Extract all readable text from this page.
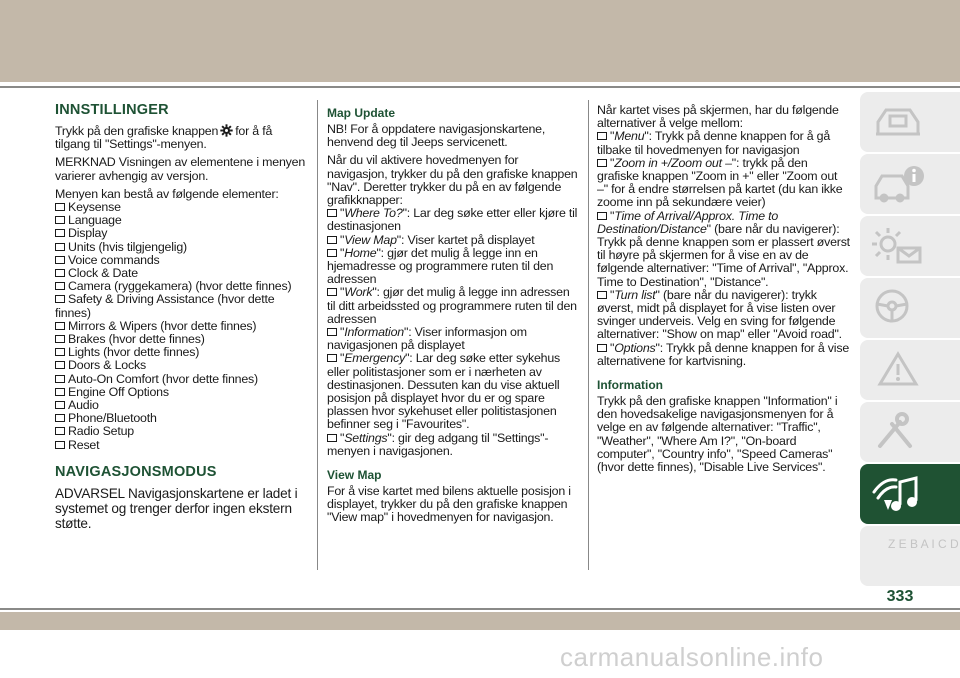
INNSTILLINGER
Trykk på den grafiske knappen for å få tilgang til "Settings"-menyen.
MERKNAD Visningen av elementene i menyen varierer avhengig av versjon.
Menyen kan bestå av følgende elementer:
Keysense
Language
Display
Units (hvis tilgjengelig)
Voice commands
Clock & Date
Camera (ryggekamera) (hvor dette finnes)
Safety & Driving Assistance (hvor dette finnes)
Mirrors & Wipers (hvor dette finnes)
Brakes (hvor dette finnes)
Lights (hvor dette finnes)
Doors & Locks
Auto-On Comfort (hvor dette finnes)
Engine Off Options
Audio
Phone/Bluetooth
Radio Setup
Reset
NAVIGASJONSMODUS
ADVARSEL Navigasjonskartene er ladet i systemet og trenger derfor ingen ekstern støtte.
Map Update
NB! For å oppdatere navigasjonskartene, henvend deg til Jeeps servicenett.
Når du vil aktivere hovedmenyen for navigasjon, trykker du på den grafiske knappen "Nav". Deretter trykker du på en av følgende grafikknapper:
"Where To?": Lar deg søke etter eller kjøre til destinasjonen
"View Map": Viser kartet på displayet
"Home": gjør det mulig å legge inn en hjemadresse og programmere ruten til den adressen
"Work": gjør det mulig å legge inn adressen til ditt arbeidssted og programmere ruten til den adressen
"Information": Viser informasjon om navigasjonen på displayet
"Emergency": Lar deg søke etter sykehus eller politistasjoner som er i nærheten av destinasjonen. Dessuten kan du vise aktuell posisjon på displayet hvor du er og spare plassen hvor sykehuset eller politistasjonen befinner seg i "Favourites".
"Settings": gir deg adgang til "Settings"-menyen i navigasjonen.
View Map
For å vise kartet med bilens aktuelle posisjon i displayet, trykker du på den grafiske knappen "View map" i hovedmenyen for navigasjon.
Når kartet vises på skjermen, har du følgende alternativer å velge mellom:
"Menu": Trykk på denne knappen for å gå tilbake til hovedmenyen for navigasjon
"Zoom in +/Zoom out –": trykk på den grafiske knappen "Zoom in +" eller "Zoom out –" for å endre størrelsen på kartet (du kan ikke zoome inn på sekundære veier)
"Time of Arrival/Approx. Time to Destination/Distance" (bare når du navigerer): Trykk på denne knappen som er plassert øverst til høyre på skjermen for å vise en av de følgende alternativer: "Time of Arrival", "Approx. Time to Destination", "Distance".
"Turn list" (bare når du navigerer): trykk øverst, midt på displayet for å vise listen over svinger underveis. Velg en sving for følgende alternativer: "Show on map" eller "Avoid road".
"Options": Trykk på denne knappen for å vise alternativene for kartvisning.
Information
Trykk på den grafiske knappen "Information" i den hovedsakelige navigasjonsmenyen for å velge en av følgende alternativer: "Traffic", "Weather", "Where Am I?", "On-board computer", "Country info", "Speed Cameras" (hvor dette finnes), "Disable Live Services".
Z E B A I C D
333
carmanualsonline.info
